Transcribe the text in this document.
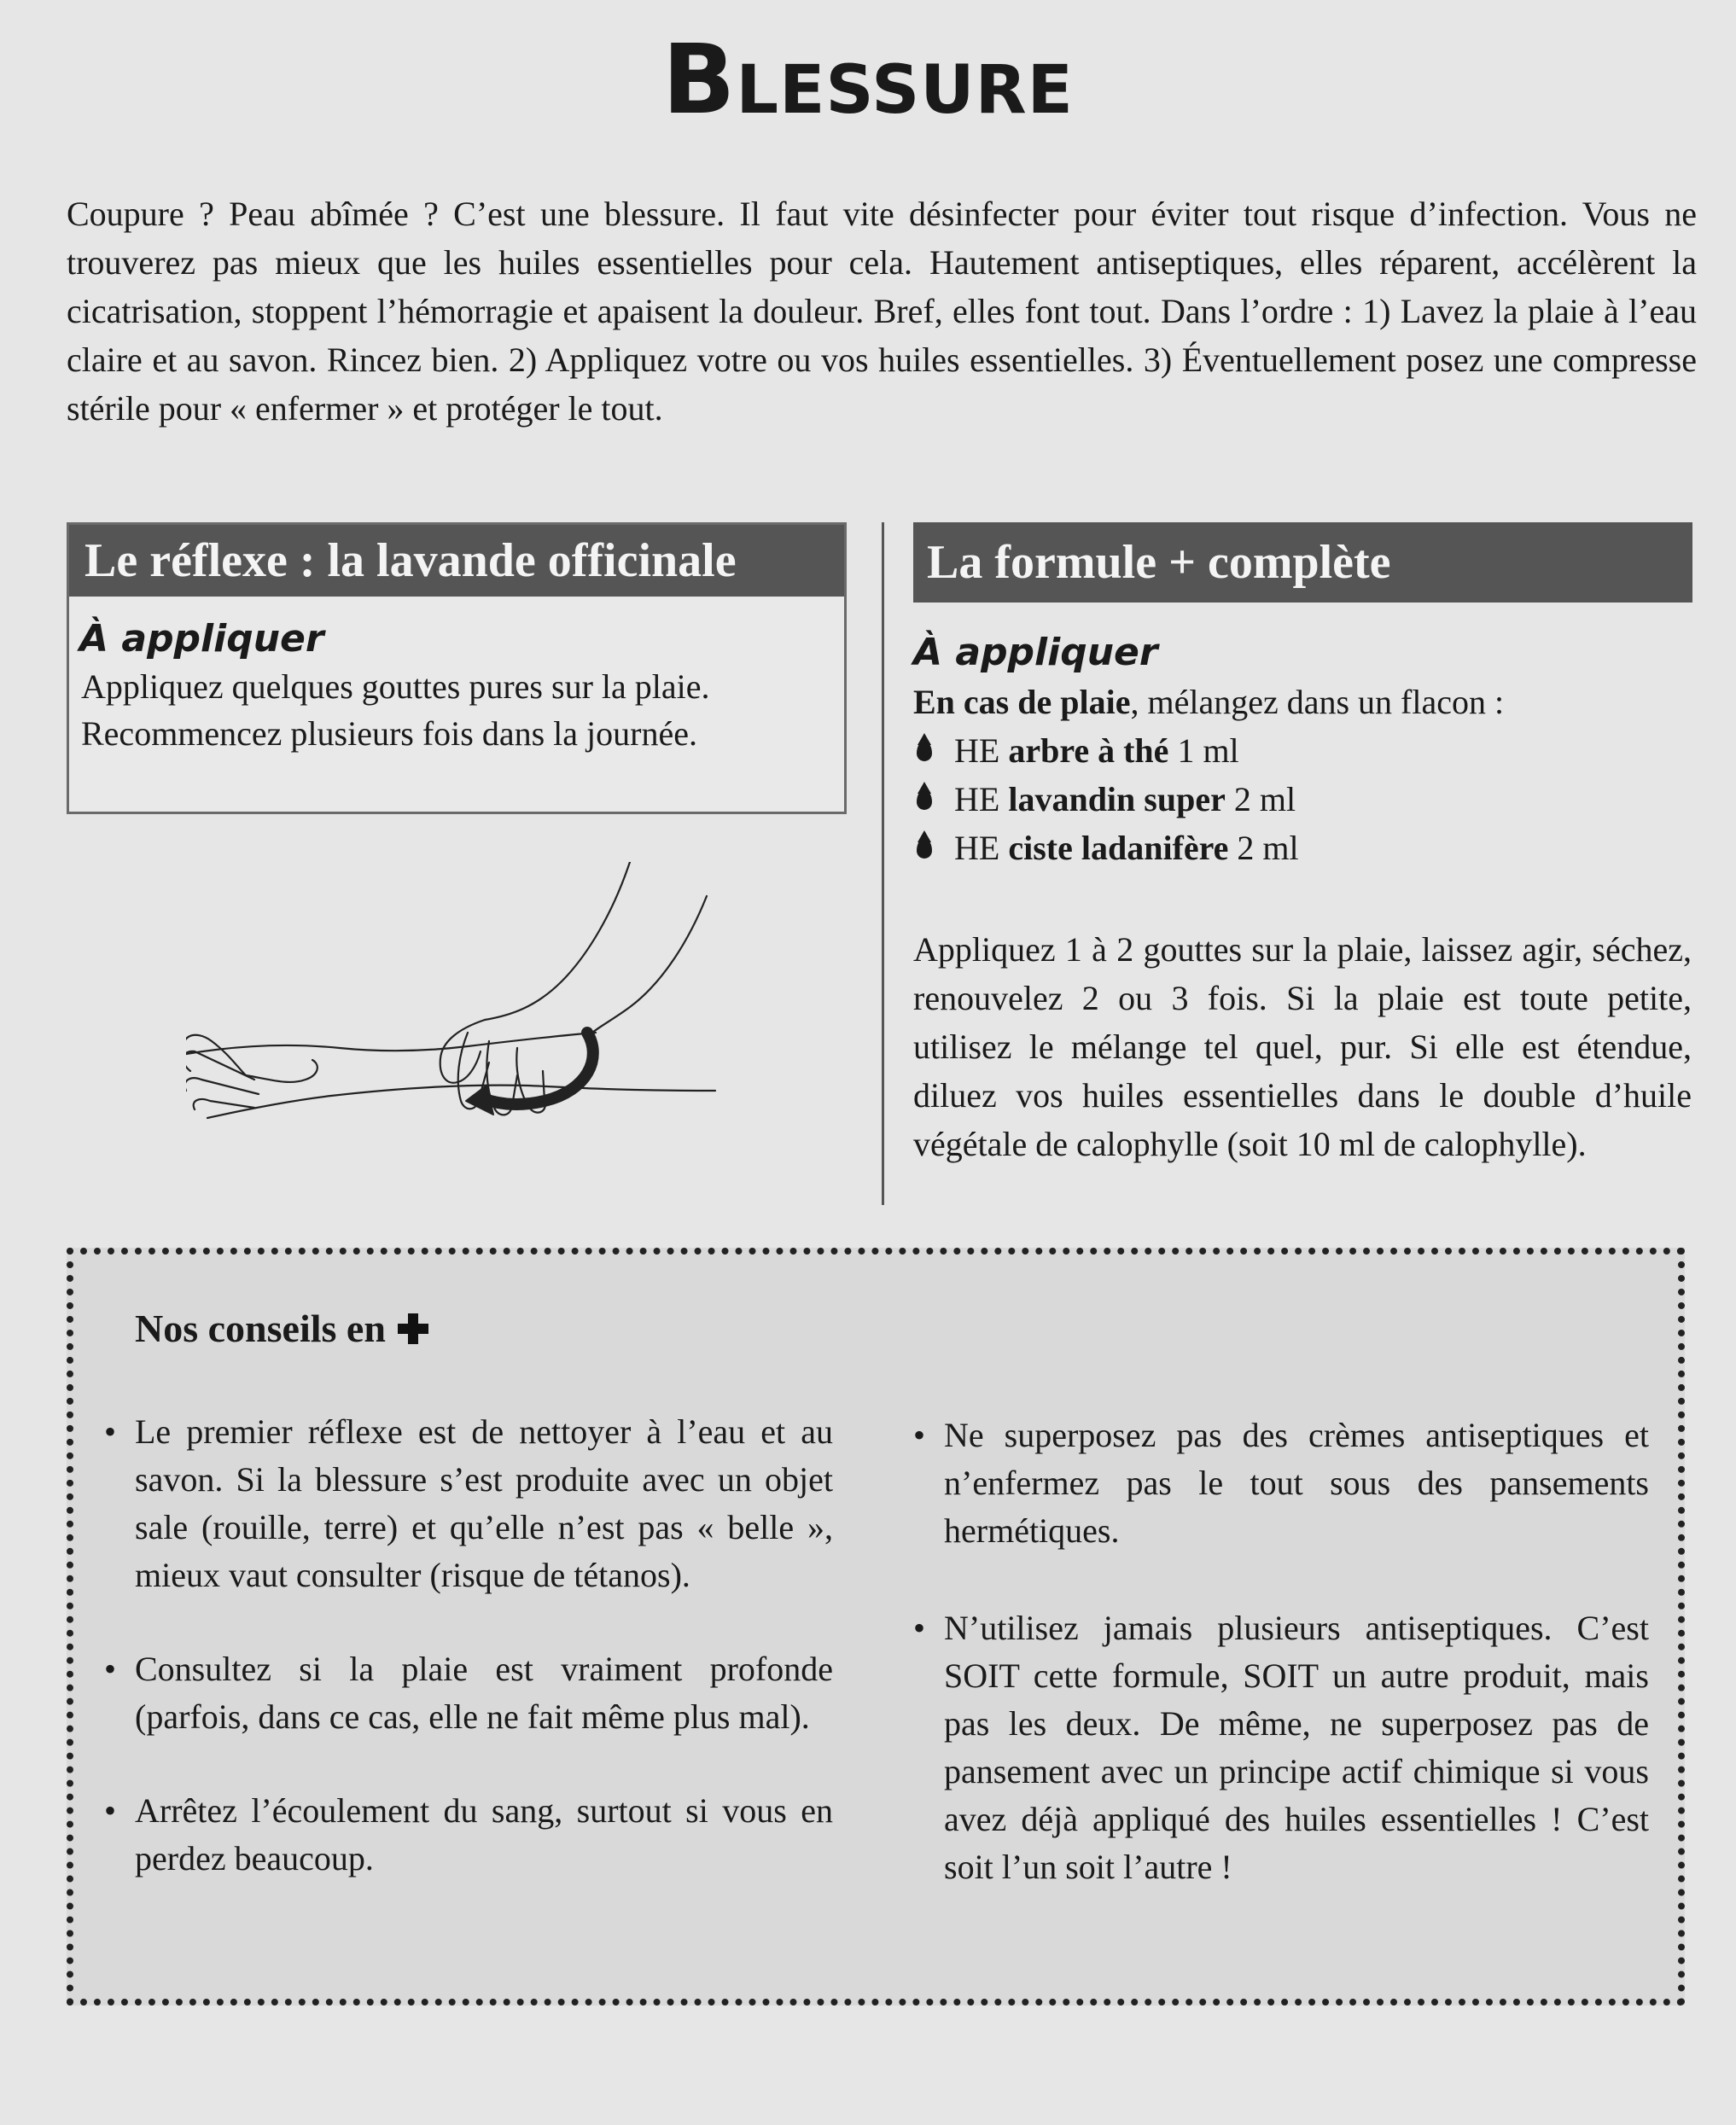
Blessure
Coupure ? Peau abîmée ? C’est une blessure. Il faut vite désinfecter pour éviter tout risque d’infection. Vous ne trouverez pas mieux que les huiles essentielles pour cela. Hautement antiseptiques, elles réparent, accélèrent la cicatrisation, stoppent l’hémorragie et apaisent la douleur. Bref, elles font tout. Dans l’ordre : 1) Lavez la plaie à l’eau claire et au savon. Rincez bien. 2) Appliquez votre ou vos huiles essentielles. 3) Éventuellement posez une compresse stérile pour « enfermer » et protéger le tout.
Le réflexe : la lavande officinale
À appliquer
Appliquez quelques gouttes pures sur la plaie.
Recommencez plusieurs fois dans la journée.
La formule + complète
À appliquer
En cas de plaie, mélangez dans un flacon :
HE
arbre à thé
1 ml
HE
lavandin super
2 ml
HE
ciste ladanifère
2 ml
Appliquez 1 à 2 gouttes sur la plaie, laissez agir, séchez, renouvelez 2 ou 3 fois. Si la plaie est toute petite, utilisez le mélange tel quel, pur. Si elle est étendue, diluez vos huiles essentielles dans le double d’huile végétale de calophylle (soit 10 ml de calophylle).
Nos conseils en
• Le premier réflexe est de nettoyer à l’eau et au savon. Si la blessure s’est produite avec un objet sale (rouille, terre) et qu’elle n’est pas « belle », mieux vaut consulter (risque de tétanos).
• Consultez si la plaie est vraiment profonde (parfois, dans ce cas, elle ne fait même plus mal).
• Arrêtez l’écoulement du sang, surtout si vous en perdez beaucoup.
• Ne superposez pas des crèmes antiseptiques et n’enfermez pas le tout sous des pansements hermétiques.
• N’utilisez jamais plusieurs antiseptiques. C’est SOIT cette formule, SOIT un autre produit, mais pas les deux. De même, ne superposez pas de pansement avec un principe actif chimique si vous avez déjà appliqué des huiles essentielles ! C’est soit l’un soit l’autre !
